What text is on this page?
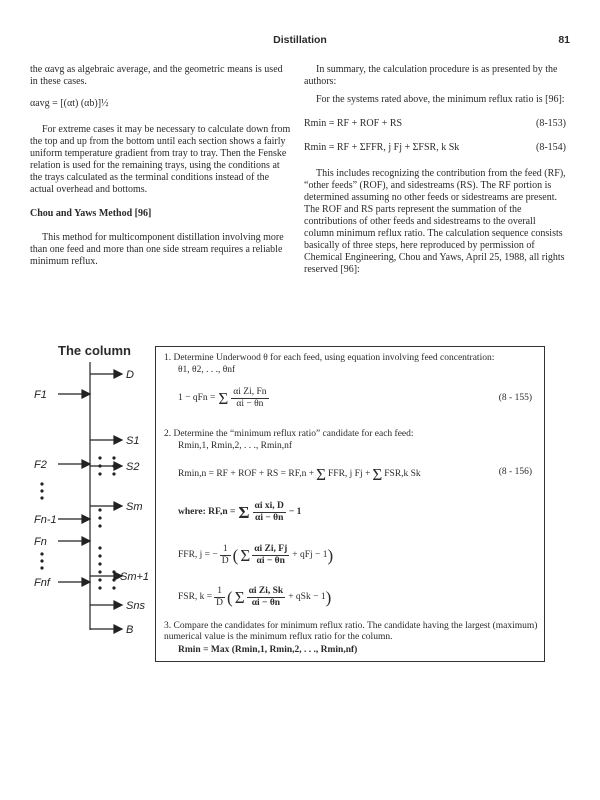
Distillation	81

the αavg as algebraic average, and the geometric means is used in these cases.

αavg = [(αt) (αb)]½

For extreme cases it may be necessary to calculate down from the top and up from the bottom until each section shows a fairly uniform temperature gradient from tray to tray. Then the Fenske relation is used for the remaining trays, using the conditions at the trays calculated as the terminal conditions instead of the actual overhead and bottoms.

Chou and Yaws Method [96]

This method for multicomponent distillation involving more than one feed and more than one side stream requires a reliable minimum reflux.

In summary, the calculation procedure is as presented by the authors:

For the systems rated above, the minimum reflux ratio is [96]:

Rmin = RF + ROF + RS	(8-153)
Rmin = RF + ΣFFR, j Fj + ΣFSR, k Sk	(8-154)

This includes recognizing the contribution from the feed (RF), “other feeds” (ROF), and sidestreams (RS). The RF portion is determined assuming no other feeds or sidestreams are present. The ROF and RS parts represent the summation of the contributions of other feeds and sidestreams to the overall column minimum reflux ratio. The calculation sequence consists basically of three steps, here reproduced by permission of Chemical Engineering, Chou and Yaws, April 25, 1988, all rights reserved [96]:

The column
D
F1
S1
S2
F2
Sm
Fn-1
Fn
Sm+1
Fnf
Sns
B
1. Determine Underwood θ for each feed, using equation involving feed concentration:
θ1, θ2, . . ., θnf
1 − qFn = Σ $\frac{\text{αi Zi, Fn}}{\alpha i - \theta n}$	(8 - 155)
2. Determine the “minimum reflux ratio” candidate for each feed:
Rmin,1, Rmin,2, . . ., Rmin,nf
Rmin,n = RF + ROF + RS = RF,n + Σ FFR, j Fj + Σ FSR,k Sk	(8 - 156)
where: RF,n = Σ $\frac{\text{αi xi, D}}{\alpha i - \theta n} - 1$
FFR, j = − $\frac{1}{D}$ ( Σ $\frac{\text{αi Zi, Fj}}{\alpha i - \theta n}$ + qFj − 1 )
FSR, $k = \frac{1}{D}$ ( Σ $\frac{\text{αi Zi, Sk}}{\alpha i - \theta n}$ + qSk − 1 )
3. Compare the candidates for minimum reflux ratio. The candidate having the largest (maximum) numerical value is the minimum reflux ratio for the column.
Rmin = Max (Rmin,1, Rmin,2, . . ., Rmin,nf)
